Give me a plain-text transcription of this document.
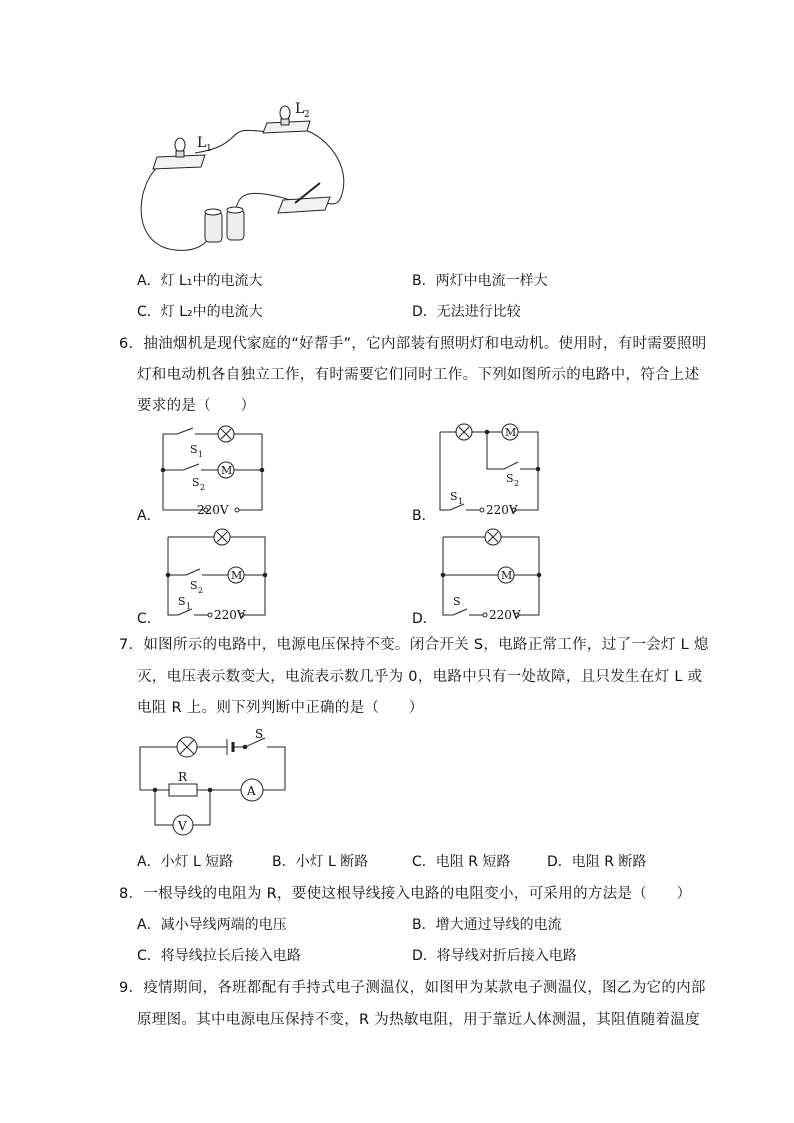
L 1
L 2
A．灯 L₁中的电流大	B．两灯中电流一样大
C．灯 L₂中的电流大	D．无法进行比较
6．抽油烟机是现代家庭的“好帮手”，它内部装有照明灯和电动机。使用时，有时需要照明
灯和电动机各自独立工作，有时需要它们同时工作。下列如图所示的电路中，符合上述
要求的是（　　）
A．
S 1
S 2
M
220V	B．
M
S 2
S 1
220V
C．
S 2
M
S 1
220V	D．
M
S
220V
7．如图所示的电路中，电源电压保持不变。闭合开关 S，电路正常工作，过了一会灯 L 熄
灭，电压表示数变大，电流表示数几乎为 0，电路中只有一处故障，且只发生在灯 L 或
电阻 R 上。则下列判断中正确的是（　　）
S
R
A
V
A．小灯 L 短路	B．小灯 L 断路	C．电阻 R 短路	D．电阻 R 断路
8．一根导线的电阻为 R，要使这根导线接入电路的电阻变小，可采用的方法是（　　）
A．减小导线两端的电压	B．增大通过导线的电流
C．将导线拉长后接入电路	D．将导线对折后接入电路
9．疫情期间，各班都配有手持式电子测温仪，如图甲为某款电子测温仪，图乙为它的内部
原理图。其中电源电压保持不变，R 为热敏电阻，用于靠近人体测温，其阻值随着温度
